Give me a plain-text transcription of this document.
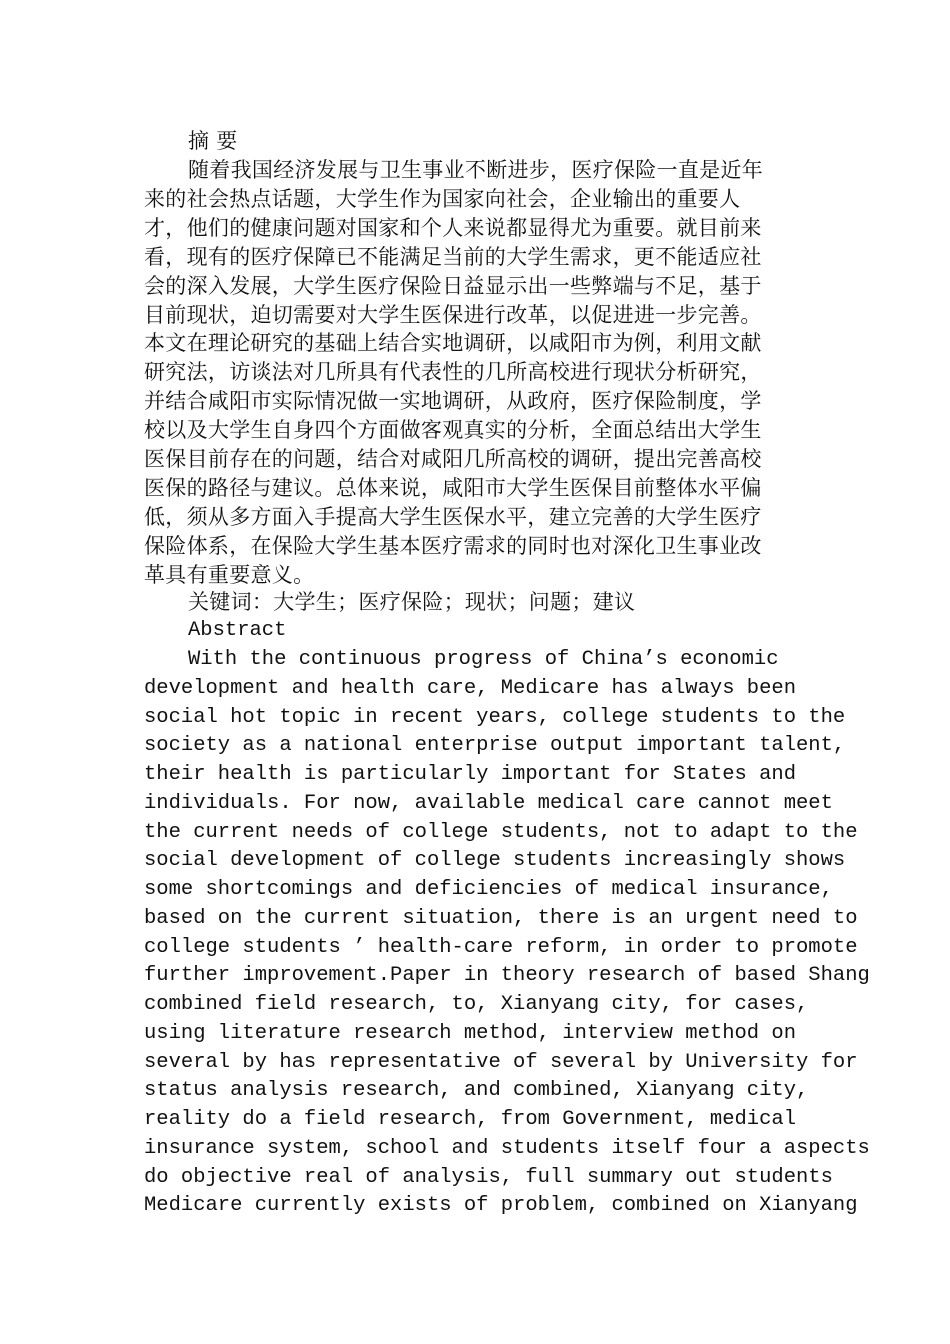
摘 要

随着我国经济发展与卫生事业不断进步，医疗保险一直是近年
来的社会热点话题，大学生作为国家向社会，企业输出的重要人
才，他们的健康问题对国家和个人来说都显得尤为重要。就目前来
看，现有的医疗保障已不能满足当前的大学生需求，更不能适应社
会的深入发展，大学生医疗保险日益显示出一些弊端与不足，基于
目前现状，迫切需要对大学生医保进行改革，以促进进一步完善。
本文在理论研究的基础上结合实地调研，以咸阳市为例，利用文献
研究法，访谈法对几所具有代表性的几所高校进行现状分析研究，
并结合咸阳市实际情况做一实地调研，从政府，医疗保险制度，学
校以及大学生自身四个方面做客观真实的分析，全面总结出大学生
医保目前存在的问题，结合对咸阳几所高校的调研，提出完善高校
医保的路径与建议。总体来说，咸阳市大学生医保目前整体水平偏
低，须从多方面入手提高大学生医保水平，建立完善的大学生医疗
保险体系，在保险大学生基本医疗需求的同时也对深化卫生事业改
革具有重要意义。

关键词：大学生；医疗保险；现状；问题；建议

Abstract

With the continuous progress of China’s economic
development and health care, Medicare has always been
social hot topic in recent years, college students to the
society as a national enterprise output important talent,
their health is particularly important for States and
individuals. For now, available medical care cannot meet
the current needs of college students, not to adapt to the
social development of college students increasingly shows
some shortcomings and deficiencies of medical insurance,
based on the current situation, there is an urgent need to
college students ’ health-care reform, in order to promote
further improvement.Paper in theory research of based Shang
combined field research, to, Xianyang city, for cases,
using literature research method, interview method on
several by has representative of several by University for
status analysis research, and combined, Xianyang city,
reality do a field research, from Government, medical
insurance system, school and students itself four a aspects
do objective real of analysis, full summary out students
Medicare currently exists of problem, combined on Xianyang
